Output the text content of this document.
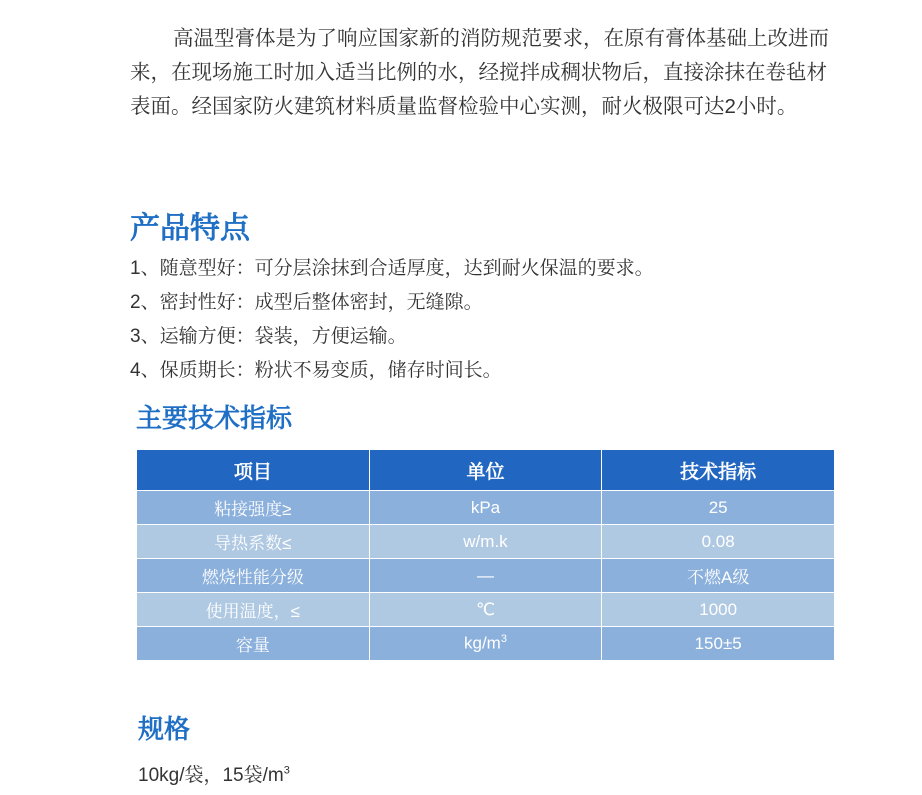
高温型膏体是为了响应国家新的消防规范要求，在原有膏体基础上改进而来，在现场施工时加入适当比例的水，经搅拌成稠状物后，直接涂抹在卷毡材表面。经国家防火建筑材料质量监督检验中心实测，耐火极限可达2小时。

产品特点
1、随意型好：可分层涂抹到合适厚度，达到耐火保温的要求。
2、密封性好：成型后整体密封，无缝隙。
3、运输方便：袋装，方便运输。
4、保质期长：粉状不易变质，储存时间长。
主要技术指标
项目	单位	技术指标
粘接强度≥	kPa	25
导热系数≤	w/m.k	0.08
燃烧性能分级	—	不燃A级
使用温度，≤	℃	1000
容量	$kg/m^3$	150±5
规格

10kg/袋，15袋$/m^3$
